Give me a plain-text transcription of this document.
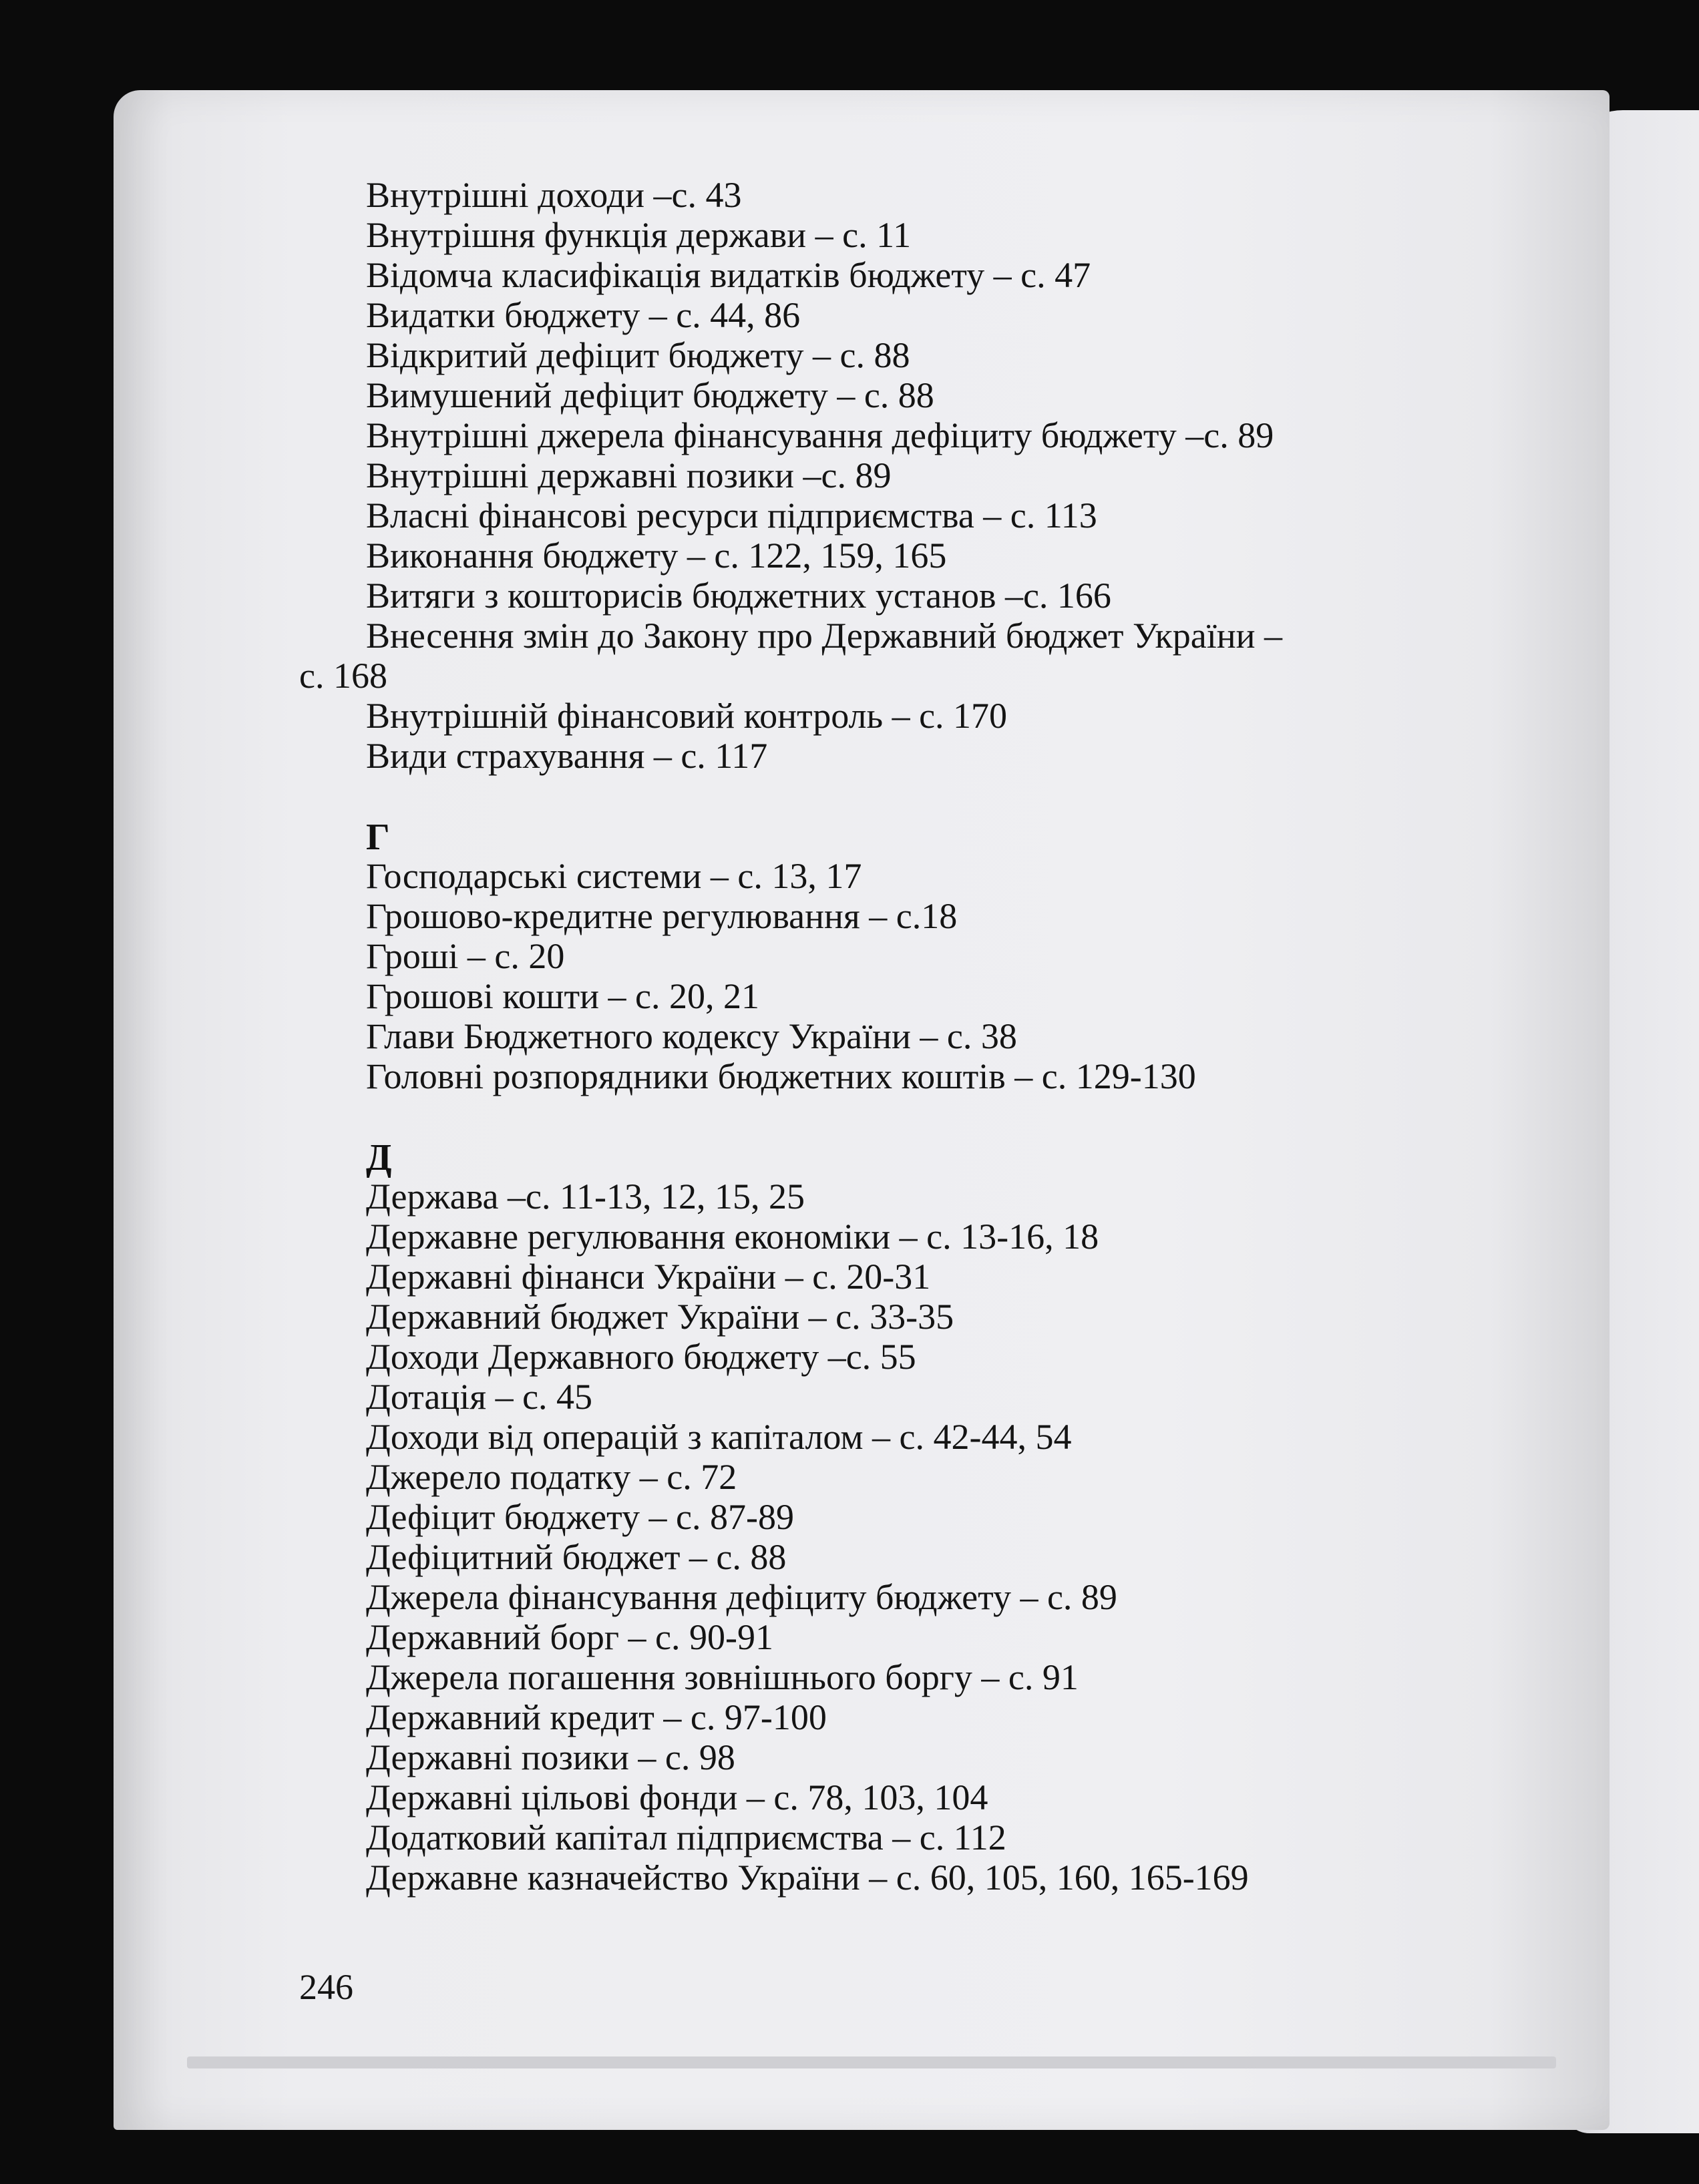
Внутрішні доходи –с. 43
Внутрішня функція держави – с. 11
Відомча класифікація видатків бюджету – с. 47
Видатки бюджету – с. 44, 86
Відкритий дефіцит бюджету – с. 88
Вимушений дефіцит бюджету – с. 88
Внутрішні джерела фінансування дефіциту бюджету –с. 89
Внутрішні державні позики –с. 89
Власні фінансові ресурси підприємства – с. 113
Виконання бюджету – с. 122, 159, 165
Витяги з кошторисів бюджетних установ –с. 166
Внесення змін до Закону про Державний бюджет України –
с. 168
Внутрішній фінансовий контроль – с. 170
Види страхування – с. 117
Г
Господарські системи – с. 13, 17
Грошово-кредитне регулювання – с.18
Гроші – с. 20
Грошові кошти – с. 20, 21
Глави Бюджетного кодексу України – с. 38
Головні розпорядники бюджетних коштів – с. 129-130
Д
Держава –с. 11-13, 12, 15, 25
Державне регулювання економіки – с. 13-16, 18
Державні фінанси України – с. 20-31
Державний бюджет України – с. 33-35
Доходи Державного бюджету –с. 55
Дотація – с. 45
Доходи від операцій з капіталом – с. 42-44, 54
Джерело податку – с. 72
Дефіцит бюджету – с. 87-89
Дефіцитний бюджет – с. 88
Джерела фінансування дефіциту бюджету – с. 89
Державний борг – с. 90-91
Джерела погашення зовнішнього боргу – с. 91
Державний кредит – с. 97-100
Державні позики – с. 98
Державні цільові фонди – с. 78, 103, 104
Додатковий капітал підприємства – с. 112
Державне казначейство України – с. 60, 105, 160, 165-169
246
